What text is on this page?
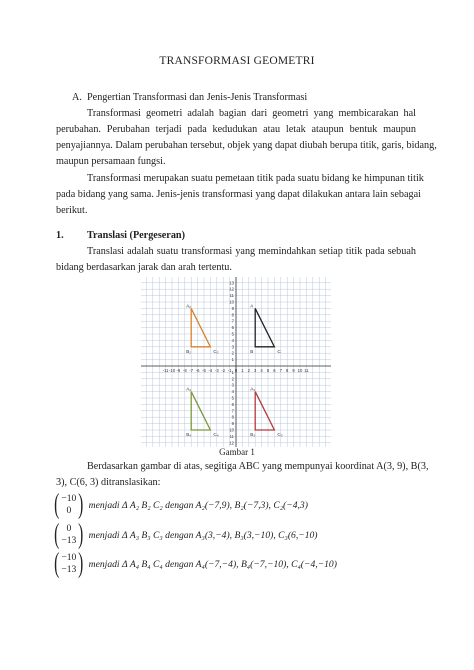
TRANSFORMASI GEOMETRI
A. Pengertian Transformasi dan Jenis-Jenis Transformasi
Transformasi geometri adalah bagian dari geometri yang membicarakan hal
perubahan. Perubahan terjadi pada kedudukan atau letak ataupun bentuk maupun
penyajiannya. Dalam perubahan tersebut, objek yang dapat diubah berupa titik, garis, bidang,
maupun persamaan fungsi.
Transformasi merupakan suatu pemetaan titik pada suatu bidang ke himpunan titik
pada bidang yang sama. Jenis-jenis transformasi yang dapat dilakukan antara lain sebagai
berikut.
1. Translasi (Pergeseran)
Translasi adalah suatu transformasi yang memindahkan setiap titik pada sebuah
bidang berdasarkan jarak dan arah tertentu.
-11 -10 -9 -8 -7 -6 -5 -4 -3 -2 -1 0 1 2 3 4 5 6 7 8 9 10 11
13
12
11
10
9
8
7
6
5
4
3
2
1
1
2
3
4
5
6
7
8
9
10
11
12
A₂
B₂	C₂
A
B	C
A₄
B₄	C₄
A₃
B₃	C₃
Gambar 1
Berdasarkan gambar di atas, segitiga ABC yang mempunyai koordinat A(3, 9), B(3,
3), C(6, 3) ditranslasikan:
( −10
0 ) menjadi Δ A₂ B₂ C₂ dengan A₂(−7,9), B₂(−7,3), C₂(−4,3)
( 0
−13 ) menjadi Δ A₃ B₃ C₃ dengan A₃(3,−4), B₃(3,−10), C₃(6,−10)
( −10
−13 ) menjadi Δ A₄ B₄ C₄ dengan A₄(−7,−4), B₄(−7,−10), C₄(−4,−10)
